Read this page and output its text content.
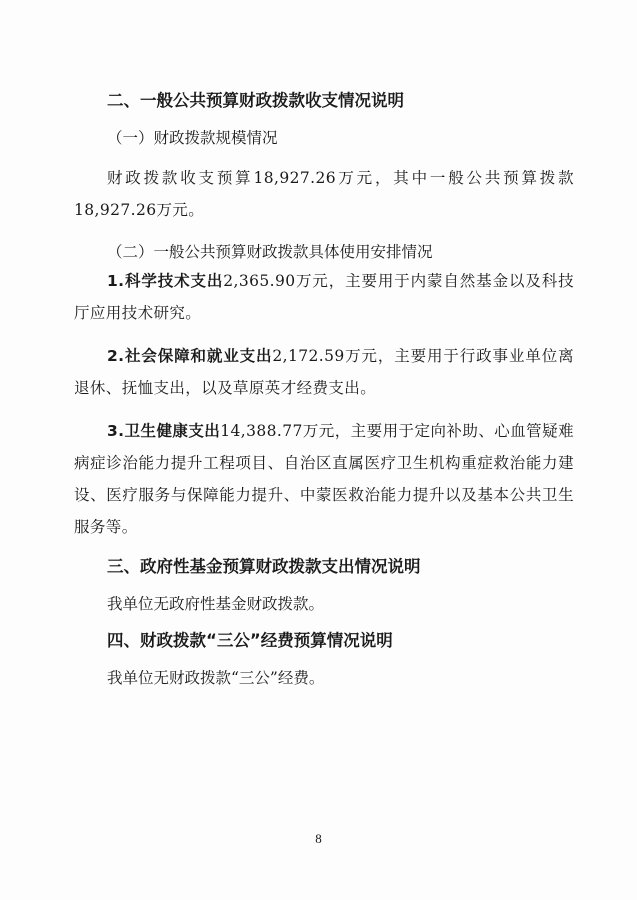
二、一般公共预算财政拨款收支情况说明

（一）财政拨款规模情况

财政拨款收支预算18,927.26万元，其中一般公共预算拨款18,927.26万元。

（二）一般公共预算财政拨款具体使用安排情况

1.科学技术支出2,365.90万元，主要用于内蒙自然基金以及科技厅应用技术研究。

2.社会保障和就业支出2,172.59万元，主要用于行政事业单位离退休、抚恤支出，以及草原英才经费支出。

3.卫生健康支出14,388.77万元，主要用于定向补助、心血管疑难病症诊治能力提升工程项目、自治区直属医疗卫生机构重症救治能力建设、医疗服务与保障能力提升、中蒙医救治能力提升以及基本公共卫生服务等。

三、政府性基金预算财政拨款支出情况说明

我单位无政府性基金财政拨款。

四、财政拨款“三公”经费预算情况说明

我单位无财政拨款“三公”经费。

8
